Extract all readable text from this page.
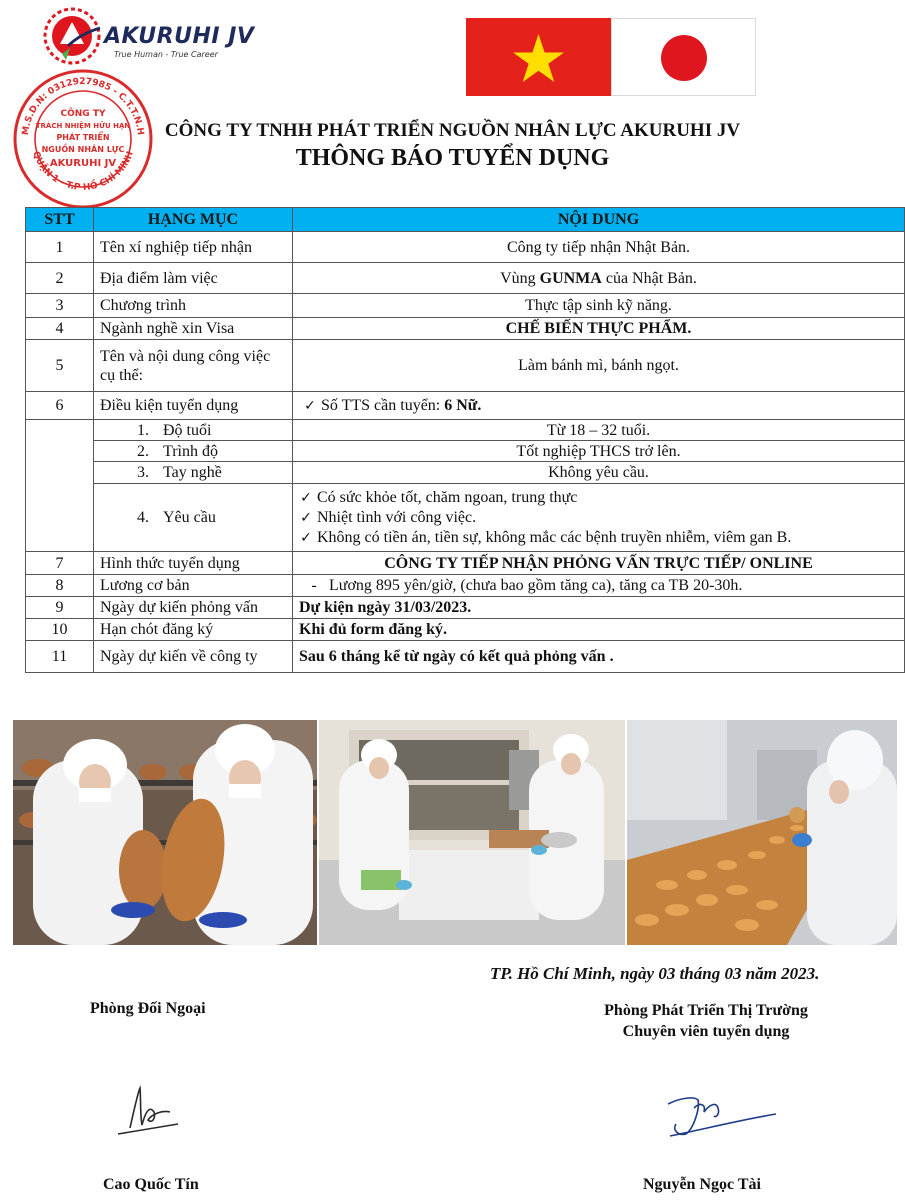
AKURUHI JV
True Human - True Career
M.S.D.N: 0312927985 - C.T.T.N.H
QUẬN 1 - T.P HỒ CHÍ MINH
CÔNG TY
TRÁCH NHIỆM HỮU HẠN
PHÁT TRIỂN
NGUỒN NHÂN LỰC
AKURUHI JV
CÔNG TY TNHH PHÁT TRIỂN NGUỒN NHÂN LỰC AKURUHI JV
THÔNG BÁO TUYỂN DỤNG
STT	HẠNG MỤC	NỘI DUNG
1	Tên xí nghiệp tiếp nhận	Công ty tiếp nhận Nhật Bản.
2	Địa điểm làm việc	Vùng GUNMA của Nhật Bản.
3	Chương trình	Thực tập sinh kỹ năng.
4	Ngành nghề xin Visa	CHẾ BIẾN THỰC PHẨM.
5	Tên và nội dung công việc cụ thể:	Làm bánh mì, bánh ngọt.
6	Điều kiện tuyển dụng	✓ Số TTS cần tuyển: 6 Nữ.
	1. Độ tuổi	Từ 18 – 32 tuổi.
	2. Trình độ	Tốt nghiệp THCS trở lên.
	3. Tay nghề	Không yêu cầu.
	4. Yêu cầu	✓ Có sức khỏe tốt, chăm ngoan, trung thực
✓ Nhiệt tình với công việc.
✓ Không có tiền án, tiền sự, không mắc các bệnh truyền nhiễm, viêm gan B.

7	Hình thức tuyển dụng	CÔNG TY TIẾP NHẬN PHỎNG VẤN TRỰC TIẾP/ ONLINE
8	Lương cơ bản	- Lương 895 yên/giờ, (chưa bao gồm tăng ca), tăng ca TB 20-30h.
9	Ngày dự kiến phỏng vấn	Dự kiện ngày 31/03/2023.
10	Hạn chót đăng ký	Khi đủ form đăng ký.
11	Ngày dự kiến về công ty	Sau 6 tháng kể từ ngày có kết quả phỏng vấn .
TP. Hồ Chí Minh, ngày 03 tháng 03 năm 2023.
Phòng Đối Ngoại	Phòng Phát Triển Thị Trường
Chuyên viên tuyển dụng
Cao Quốc Tín	Nguyễn Ngọc Tài
